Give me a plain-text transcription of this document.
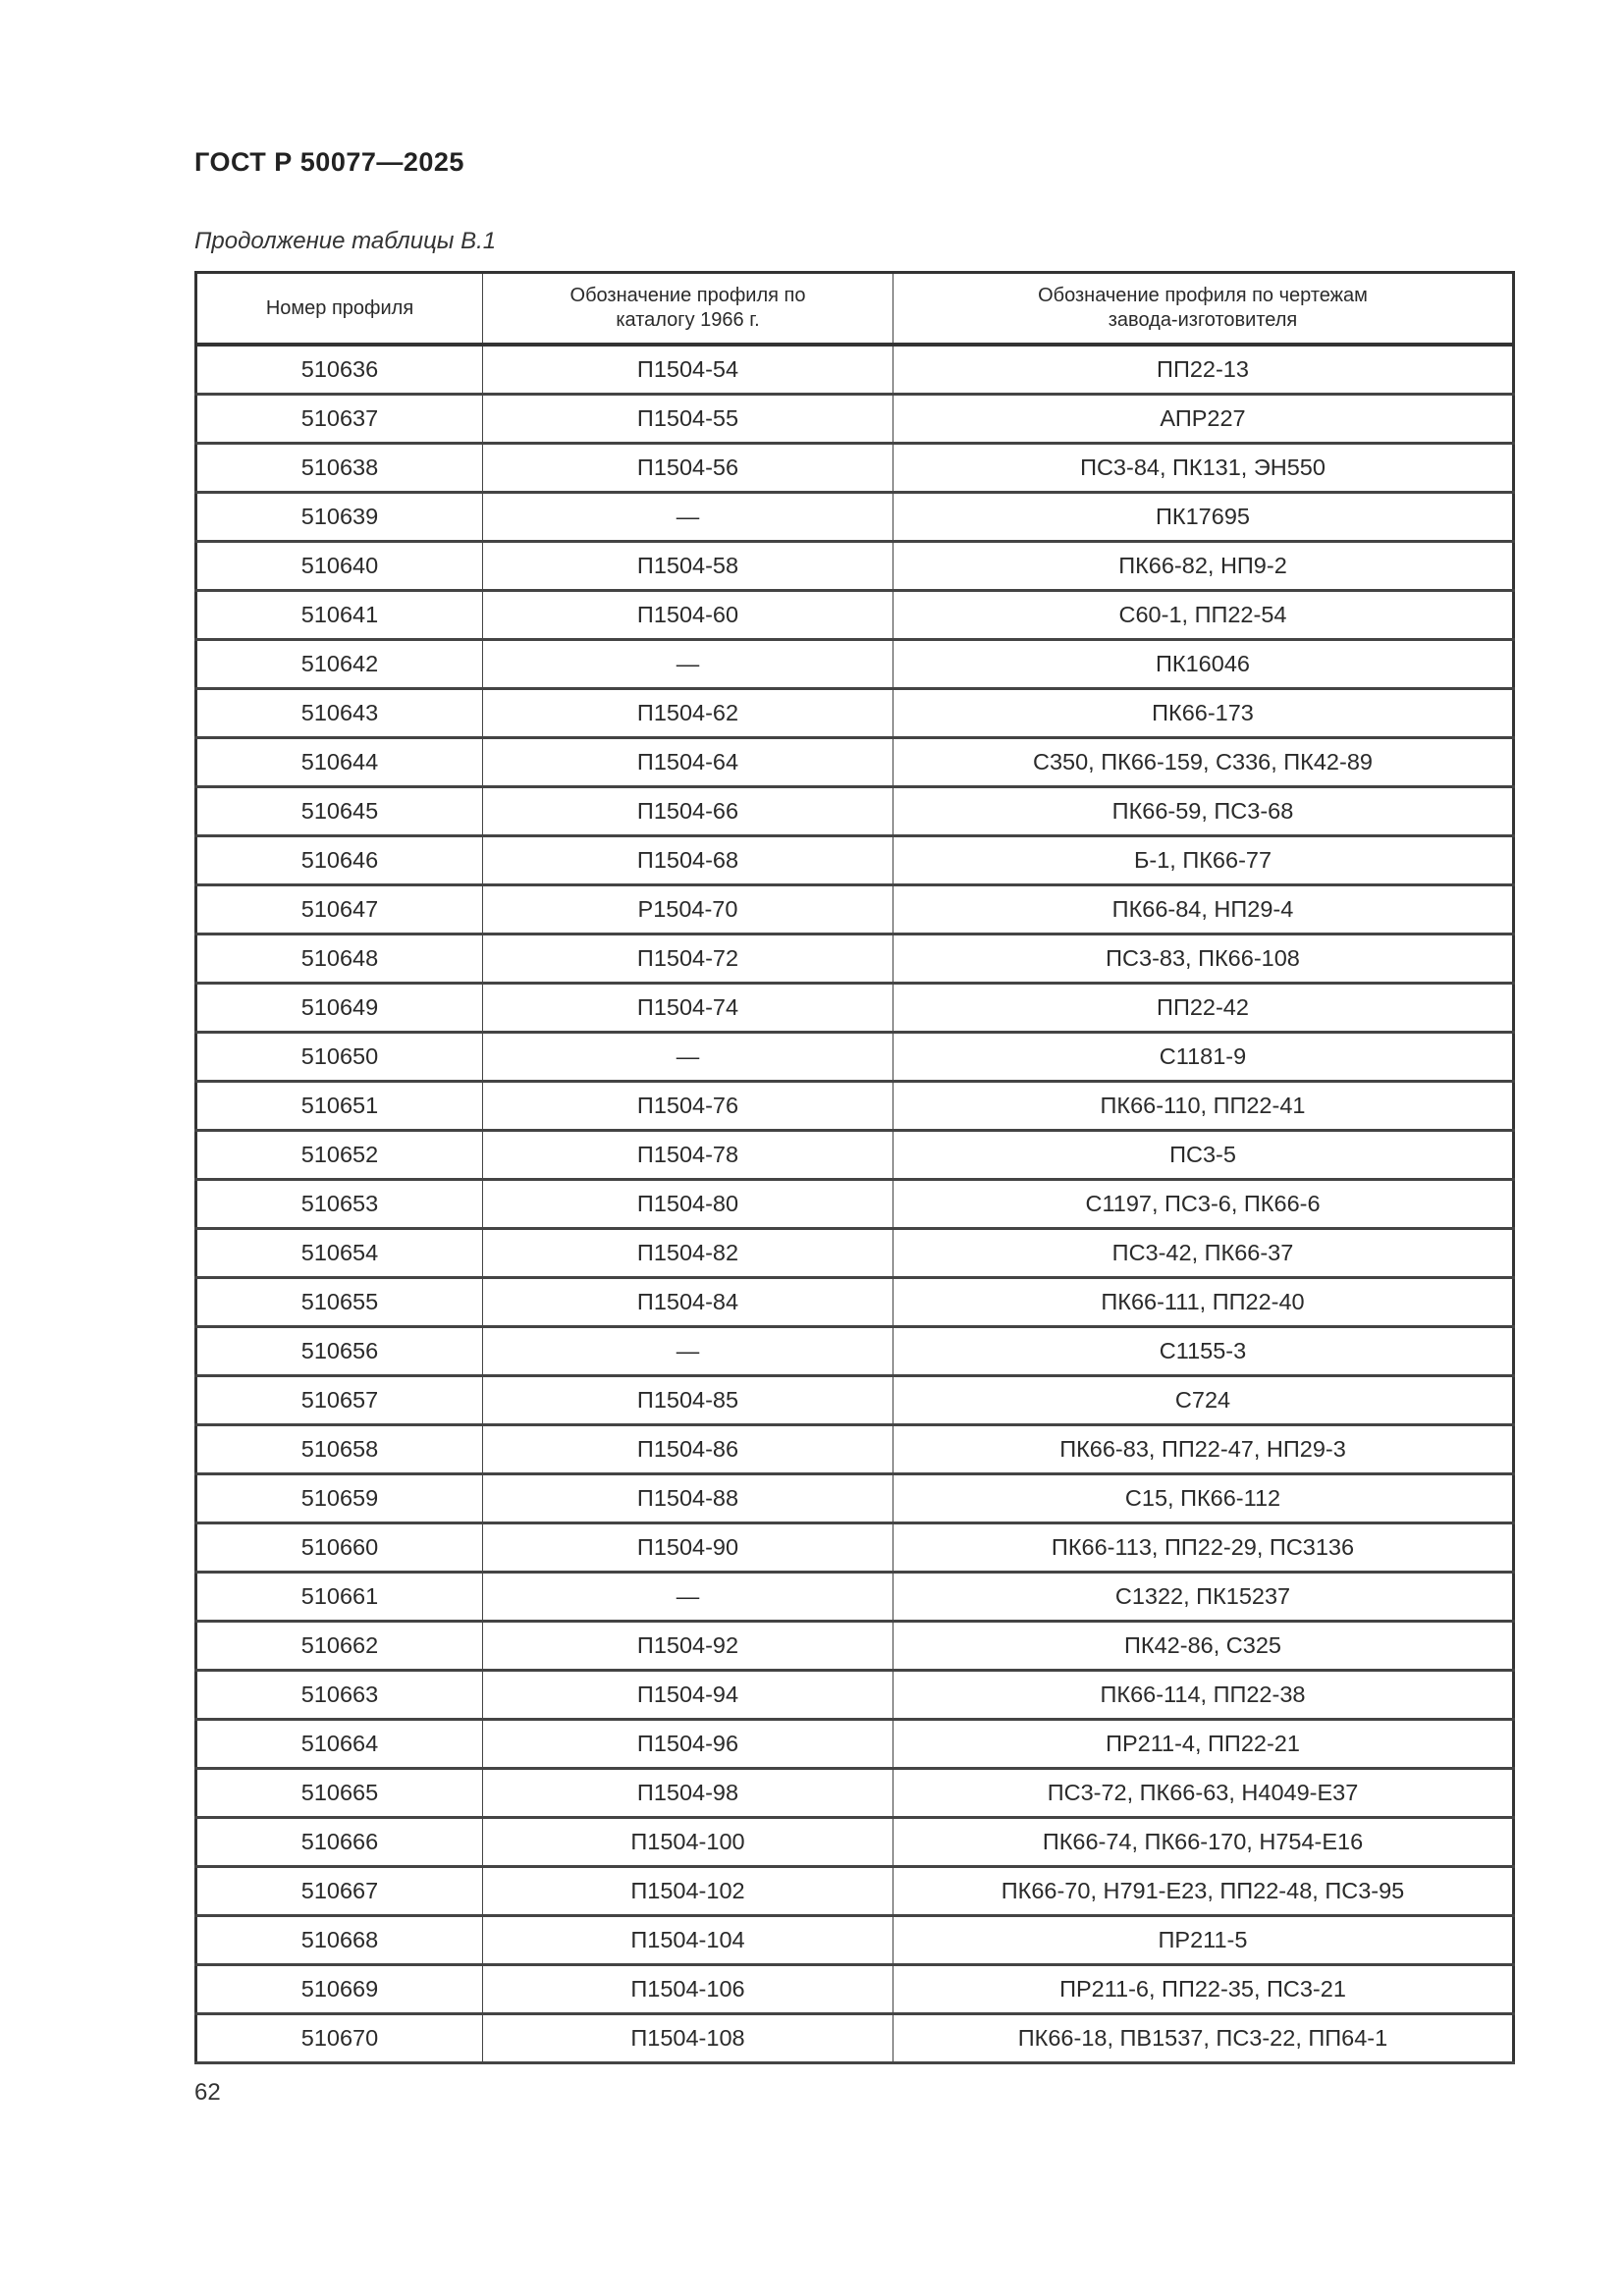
ГОСТ Р 50077—2025
Продолжение таблицы В.1
Номер профиля	Обозначение профиля по каталогу 1966 г.	Обозначение профиля по чертежам завода-изготовителя
510636	П1504-54	ПП22-13
510637	П1504-55	АПР227
510638	П1504-56	ПС3-84, ПК131, ЭН550
510639	—	ПК17695
510640	П1504-58	ПК66-82, НП9-2
510641	П1504-60	С60-1, ПП22-54
510642	—	ПК16046
510643	П1504-62	ПК66-173
510644	П1504-64	С350, ПК66-159, С336, ПК42-89
510645	П1504-66	ПК66-59, ПС3-68
510646	П1504-68	Б-1, ПК66-77
510647	Р1504-70	ПК66-84, НП29-4
510648	П1504-72	ПС3-83, ПК66-108
510649	П1504-74	ПП22-42
510650	—	С1181-9
510651	П1504-76	ПК66-110, ПП22-41
510652	П1504-78	ПС3-5
510653	П1504-80	С1197, ПС3-6, ПК66-6
510654	П1504-82	ПС3-42, ПК66-37
510655	П1504-84	ПК66-111, ПП22-40
510656	—	С1155-3
510657	П1504-85	С724
510658	П1504-86	ПК66-83, ПП22-47, НП29-3
510659	П1504-88	С15, ПК66-112
510660	П1504-90	ПК66-113, ПП22-29, ПС3136
510661	—	С1322, ПК15237
510662	П1504-92	ПК42-86, С325
510663	П1504-94	ПК66-114, ПП22-38
510664	П1504-96	ПР211-4, ПП22-21
510665	П1504-98	ПС3-72, ПК66-63, Н4049-Е37
510666	П1504-100	ПК66-74, ПК66-170, Н754-Е16
510667	П1504-102	ПК66-70, Н791-Е23, ПП22-48, ПС3-95
510668	П1504-104	ПР211-5
510669	П1504-106	ПР211-6, ПП22-35, ПС3-21
510670	П1504-108	ПК66-18, ПВ1537, ПС3-22, ПП64-1
62
